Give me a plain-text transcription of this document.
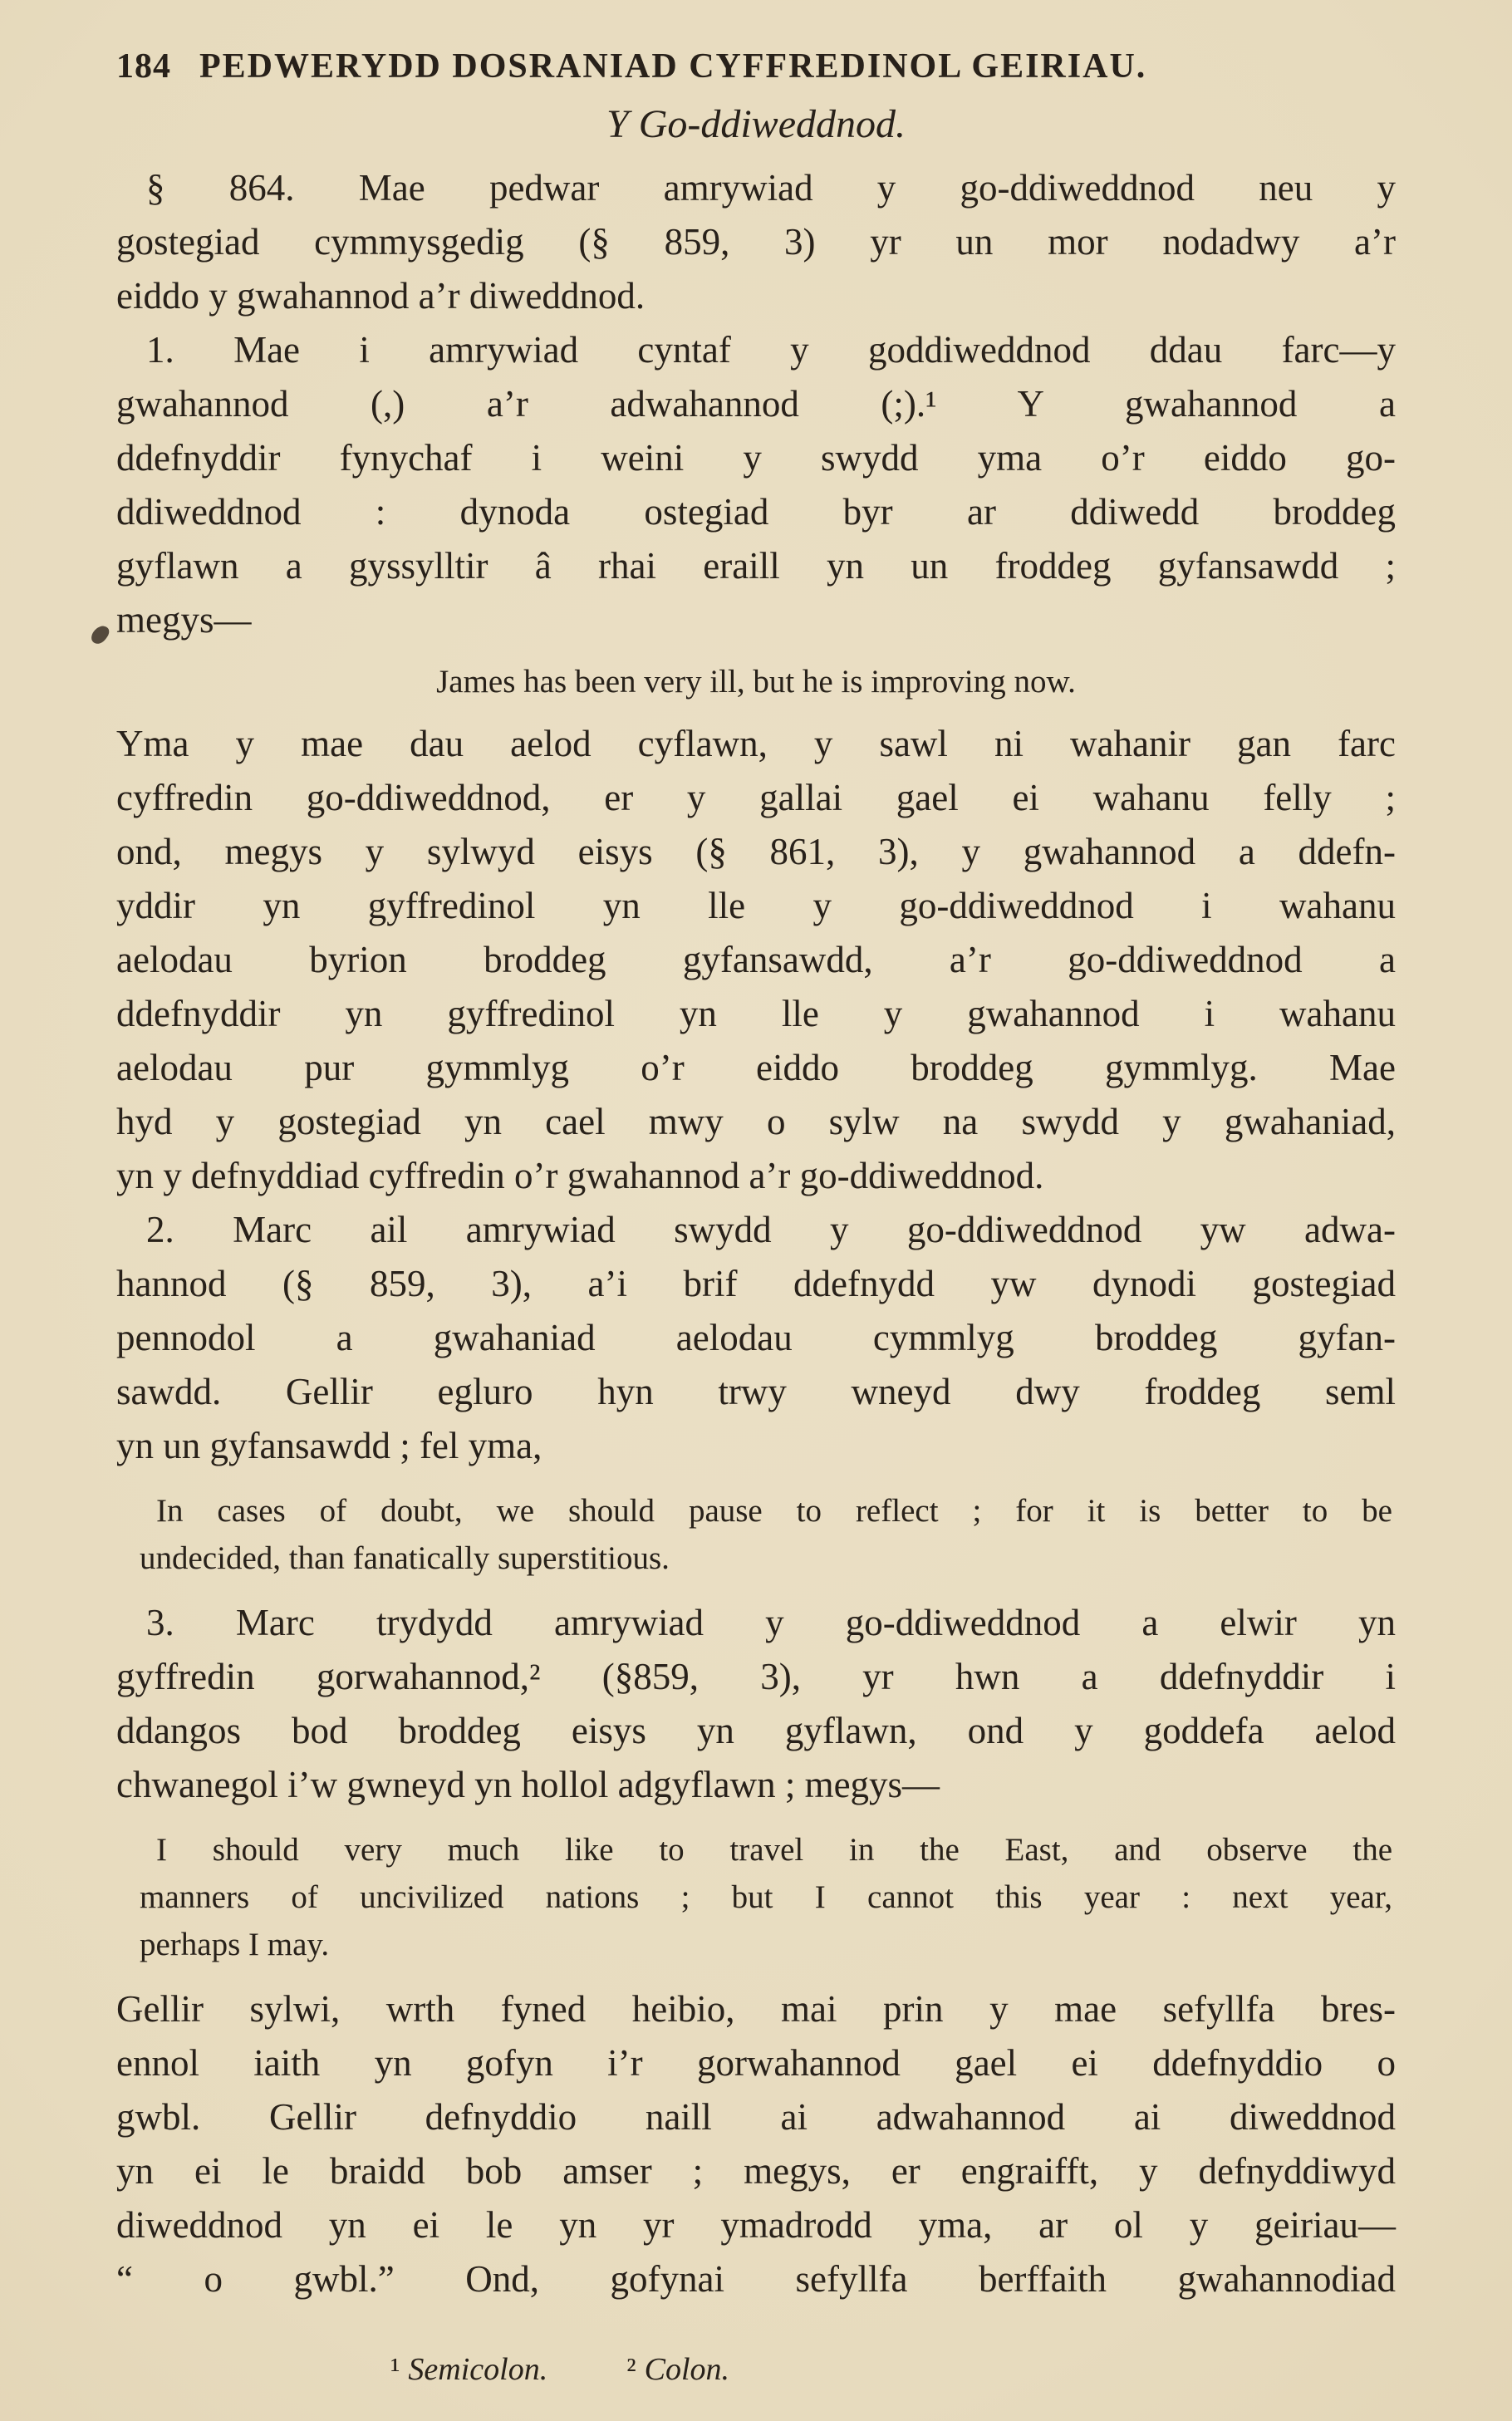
184 PEDWERYDD DOSRANIAD CYFFREDINOL GEIRIAU.
Y Go-ddiweddnod.
§ 864. Mae pedwar amrywiad y go-ddiweddnod neu y
gostegiad cymmysgedig (§ 859, 3) yr un mor nodadwy a’r
eiddo y gwahannod a’r diweddnod.
1. Mae i amrywiad cyntaf y goddiweddnod ddau farc—y
gwahannod (,) a’r adwahannod (;).¹ Y gwahannod a
ddefnyddir fynychaf i weini y swydd yma o’r eiddo go-
ddiweddnod : dynoda ostegiad byr ar ddiwedd broddeg
gyflawn a gyssylltir â rhai eraill yn un froddeg gyfansawdd ;
megys—
James has been very ill, but he is improving now.
Yma y mae dau aelod cyflawn, y sawl ni wahanir gan farc
cyffredin go-ddiweddnod, er y gallai gael ei wahanu felly ;
ond, megys y sylwyd eisys (§ 861, 3), y gwahannod a ddefn-
yddir yn gyffredinol yn lle y go-ddiweddnod i wahanu
aelodau byrion broddeg gyfansawdd, a’r go-ddiweddnod a
ddefnyddir yn gyffredinol yn lle y gwahannod i wahanu
aelodau pur gymmlyg o’r eiddo broddeg gymmlyg. Mae
hyd y gostegiad yn cael mwy o sylw na swydd y gwahaniad,
yn y defnyddiad cyffredin o’r gwahannod a’r go-ddiweddnod.
2. Marc ail amrywiad swydd y go-ddiweddnod yw adwa-
hannod (§ 859, 3), a’i brif ddefnydd yw dynodi gostegiad
pennodol a gwahaniad aelodau cymmlyg broddeg gyfan-
sawdd. Gellir egluro hyn trwy wneyd dwy froddeg seml
yn un gyfansawdd ; fel yma,
In cases of doubt, we should pause to reflect ; for it is better to be
undecided, than fanatically superstitious.
3. Marc trydydd amrywiad y go-ddiweddnod a elwir yn
gyffredin gorwahannod,² (§859, 3), yr hwn a ddefnyddir i
ddangos bod broddeg eisys yn gyflawn, ond y goddefa aelod
chwanegol i’w gwneyd yn hollol adgyflawn ; megys—
I should very much like to travel in the East, and observe the
manners of uncivilized nations ; but I cannot this year : next year,
perhaps I may.
Gellir sylwi, wrth fyned heibio, mai prin y mae sefyllfa bres-
ennol iaith yn gofyn i’r gorwahannod gael ei ddefnyddio o
gwbl. Gellir defnyddio naill ai adwahannod ai diweddnod
yn ei le braidd bob amser ; megys, er engraifft, y defnyddiwyd
diweddnod yn ei le yn yr ymadrodd yma, ar ol y geiriau—
“ o gwbl.” Ond, gofynai sefyllfa berffaith gwahannodiad
¹ Semicolon.	² Colon.
